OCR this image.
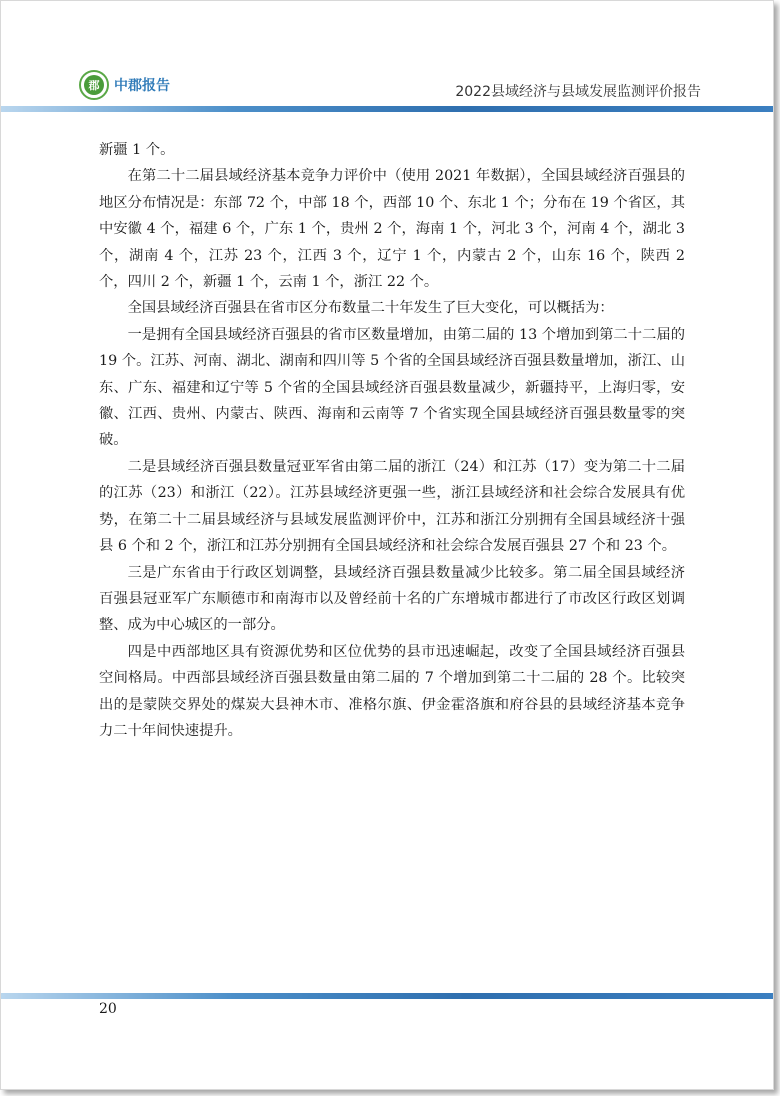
郡	中郡报告	2022县域经济与县域发展监测评价报告

新疆 1 个。

在第二十二届县域经济基本竞争力评价中（使用 2021 年数据），全国县域经济百强县的地区分布情况是：东部 72 个，中部 18 个，西部 10 个、东北 1 个；分布在 19 个省区，其中安徽 4 个，福建 6 个，广东 1 个，贵州 2 个，海南 1 个，河北 3 个，河南 4 个，湖北 3 个，湖南 4 个，江苏 23 个，江西 3 个，辽宁 1 个，内蒙古 2 个，山东 16 个，陕西 2 个，四川 2 个，新疆 1 个，云南 1 个，浙江 22 个。

全国县域经济百强县在省市区分布数量二十年发生了巨大变化，可以概括为：

一是拥有全国县域经济百强县的省市区数量增加，由第二届的 13 个增加到第二十二届的 19 个。江苏、河南、湖北、湖南和四川等 5 个省的全国县域经济百强县数量增加，浙江、山东、广东、福建和辽宁等 5 个省的全国县域经济百强县数量减少，新疆持平，上海归零，安徽、江西、贵州、内蒙古、陕西、海南和云南等 7 个省实现全国县域经济百强县数量零的突破。

二是县域经济百强县数量冠亚军省由第二届的浙江（24）和江苏（17）变为第二十二届的江苏（23）和浙江（22）。江苏县域经济更强一些，浙江县域经济和社会综合发展具有优势，在第二十二届县域经济与县域发展监测评价中，江苏和浙江分别拥有全国县域经济十强县 6 个和 2 个，浙江和江苏分别拥有全国县域经济和社会综合发展百强县 27 个和 23 个。

三是广东省由于行政区划调整，县域经济百强县数量减少比较多。第二届全国县域经济百强县冠亚军广东顺德市和南海市以及曾经前十名的广东增城市都进行了市改区行政区划调整、成为中心城区的一部分。

四是中西部地区具有资源优势和区位优势的县市迅速崛起，改变了全国县域经济百强县空间格局。中西部县域经济百强县数量由第二届的 7 个增加到第二十二届的 28 个。比较突出的是蒙陕交界处的煤炭大县神木市、准格尔旗、伊金霍洛旗和府谷县的县域经济基本竞争力二十年间快速提升。

20
